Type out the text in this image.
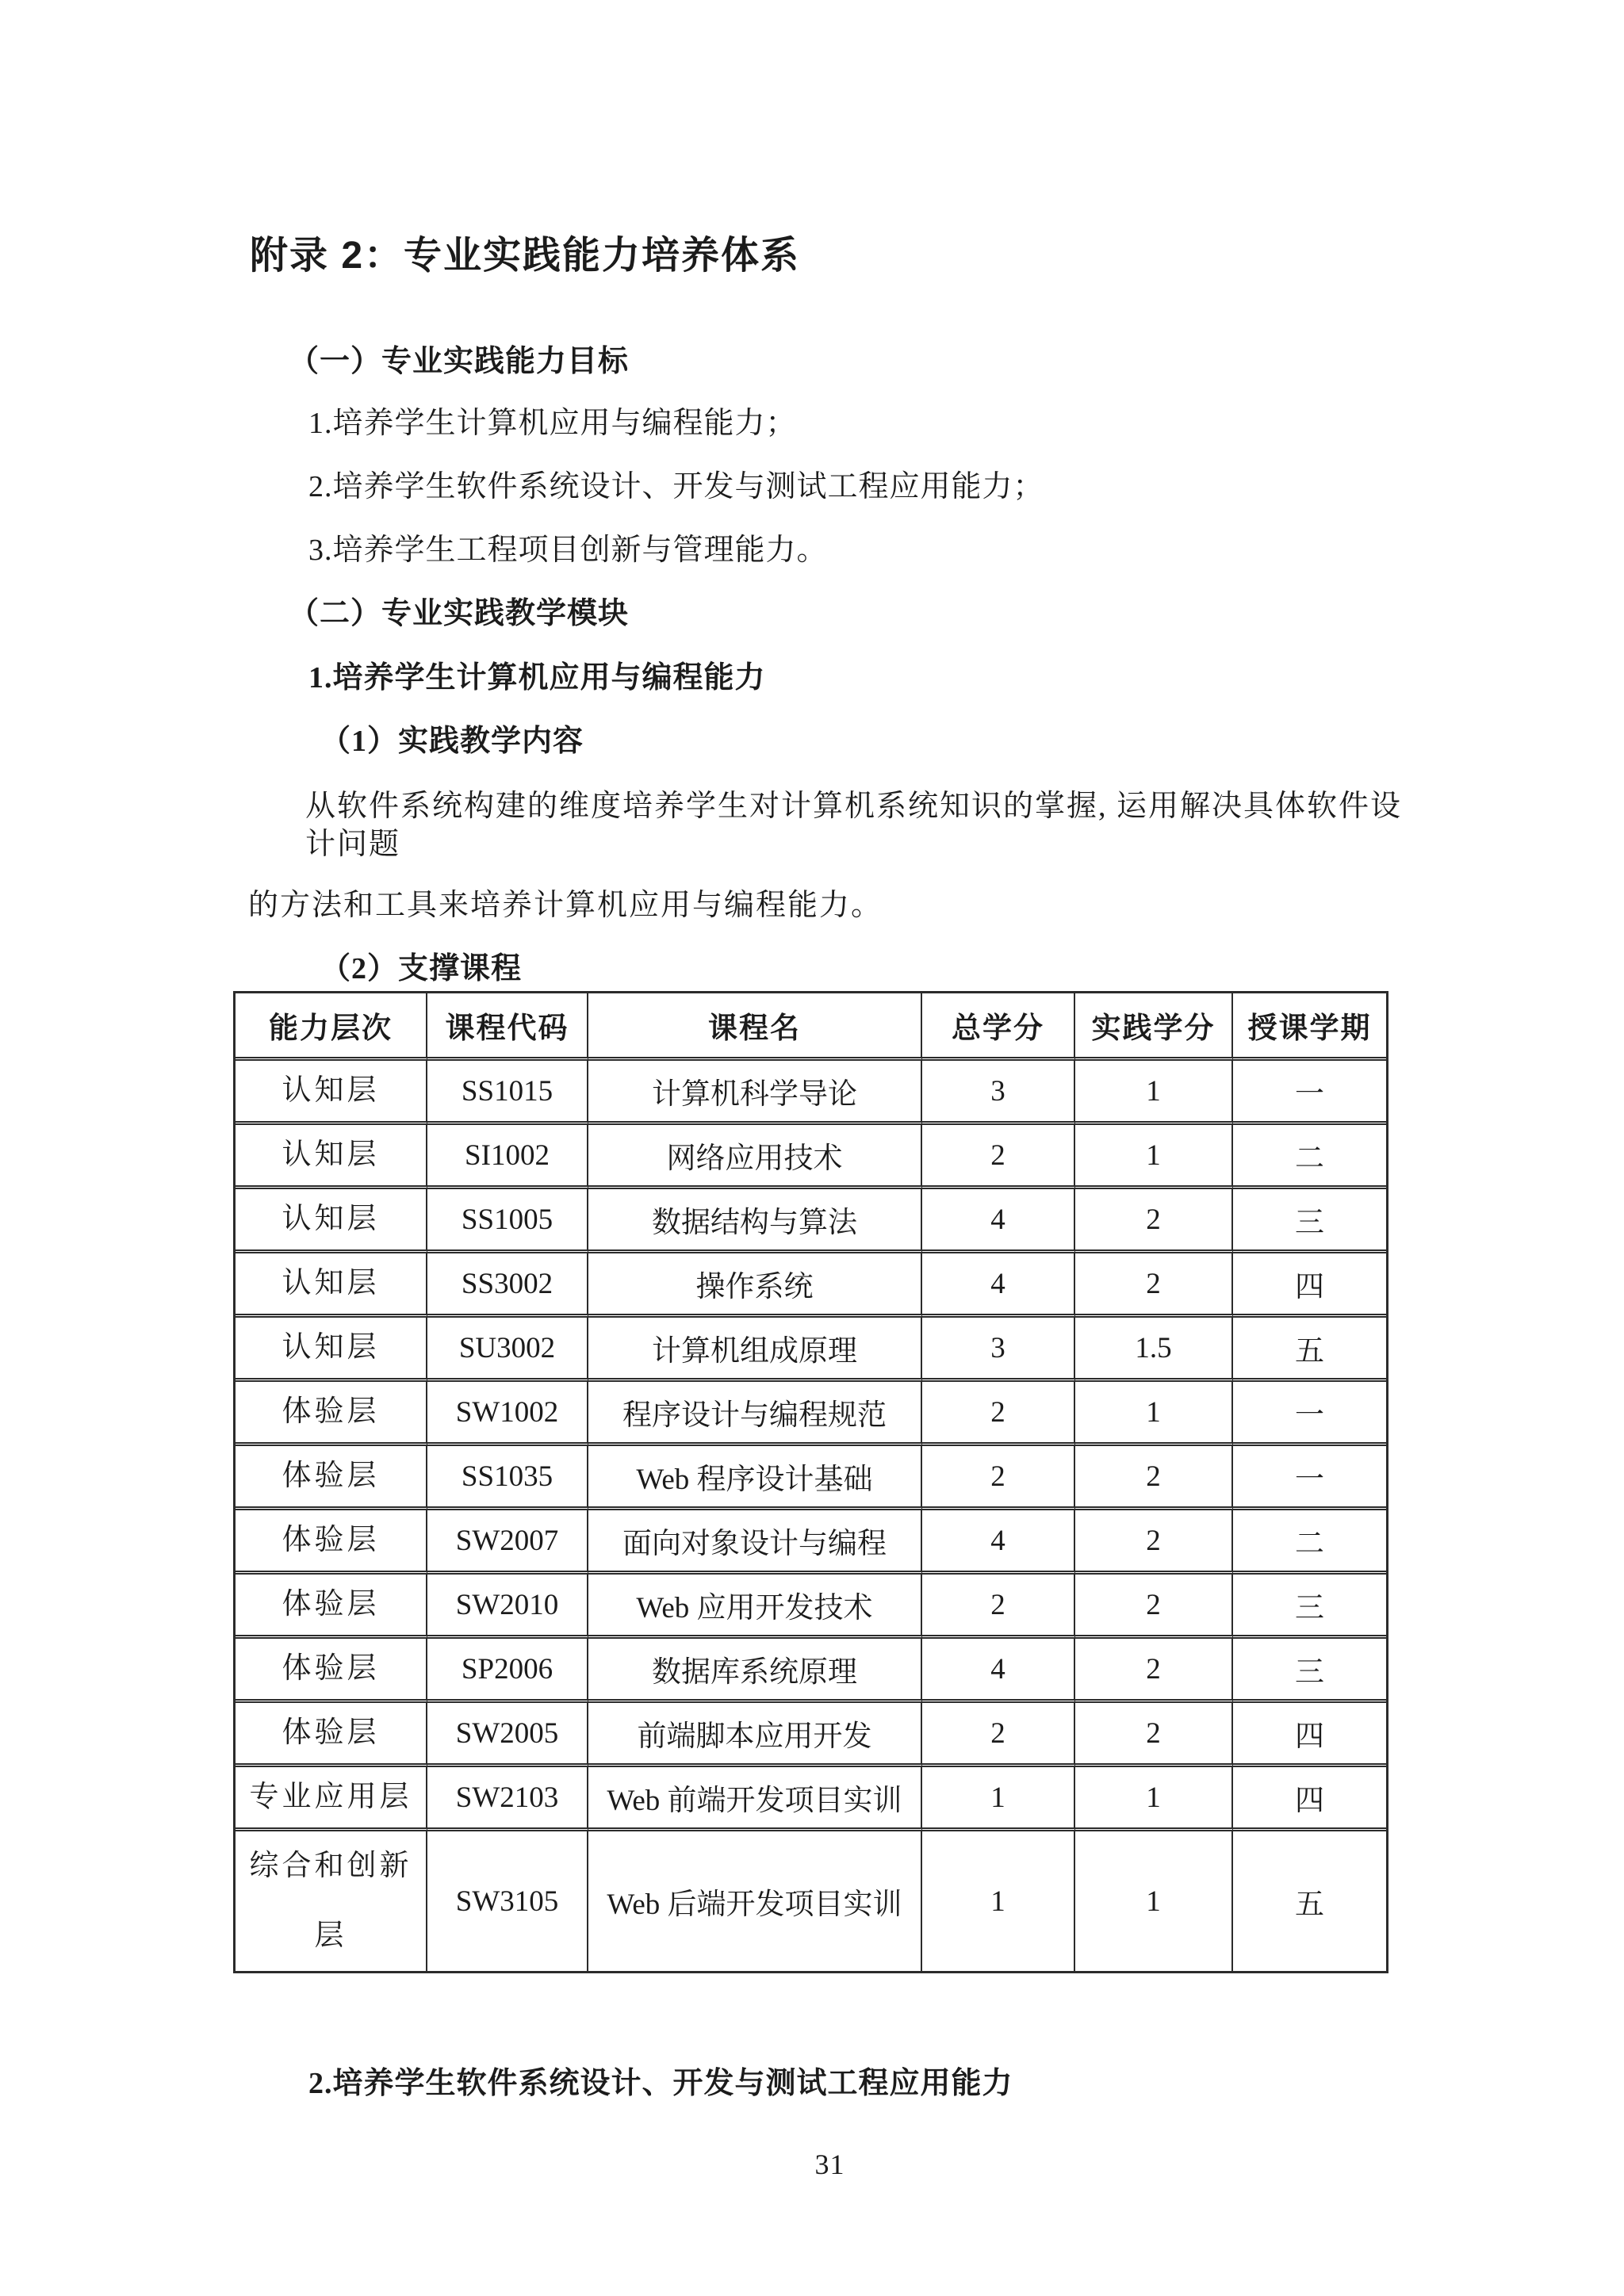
附录 2：专业实践能力培养体系
（一）专业实践能力目标

1.培养学生计算机应用与编程能力；

2.培养学生软件系统设计、开发与测试工程应用能力；

3.培养学生工程项目创新与管理能力。

（二）专业实践教学模块
1.培养学生计算机应用与编程能力
（1）实践教学内容

从软件系统构建的维度培养学生对计算机系统知识的掌握, 运用解决具体软件设计问题

的方法和工具来培养计算机应用与编程能力。

（2）支撑课程
能力层次	课程代码	课程名	总学分	实践学分	授课学期
认知层	SS1015	计算机科学导论	3	1	一
认知层	SI1002	网络应用技术	2	1	二
认知层	SS1005	数据结构与算法	4	2	三
认知层	SS3002	操作系统	4	2	四
认知层	SU3002	计算机组成原理	3	1.5	五
体验层	SW1002	程序设计与编程规范	2	1	一
体验层	SS1035	Web 程序设计基础	2	2	一
体验层	SW2007	面向对象设计与编程	4	2	二
体验层	SW2010	Web 应用开发技术	2	2	三
体验层	SP2006	数据库系统原理	4	2	三
体验层	SW2005	前端脚本应用开发	2	2	四
专业应用层	SW2103	Web 前端开发项目实训	1	1	四
综合和创新层	SW3105	Web 后端开发项目实训	1	1	五
2.培养学生软件系统设计、开发与测试工程应用能力
31
